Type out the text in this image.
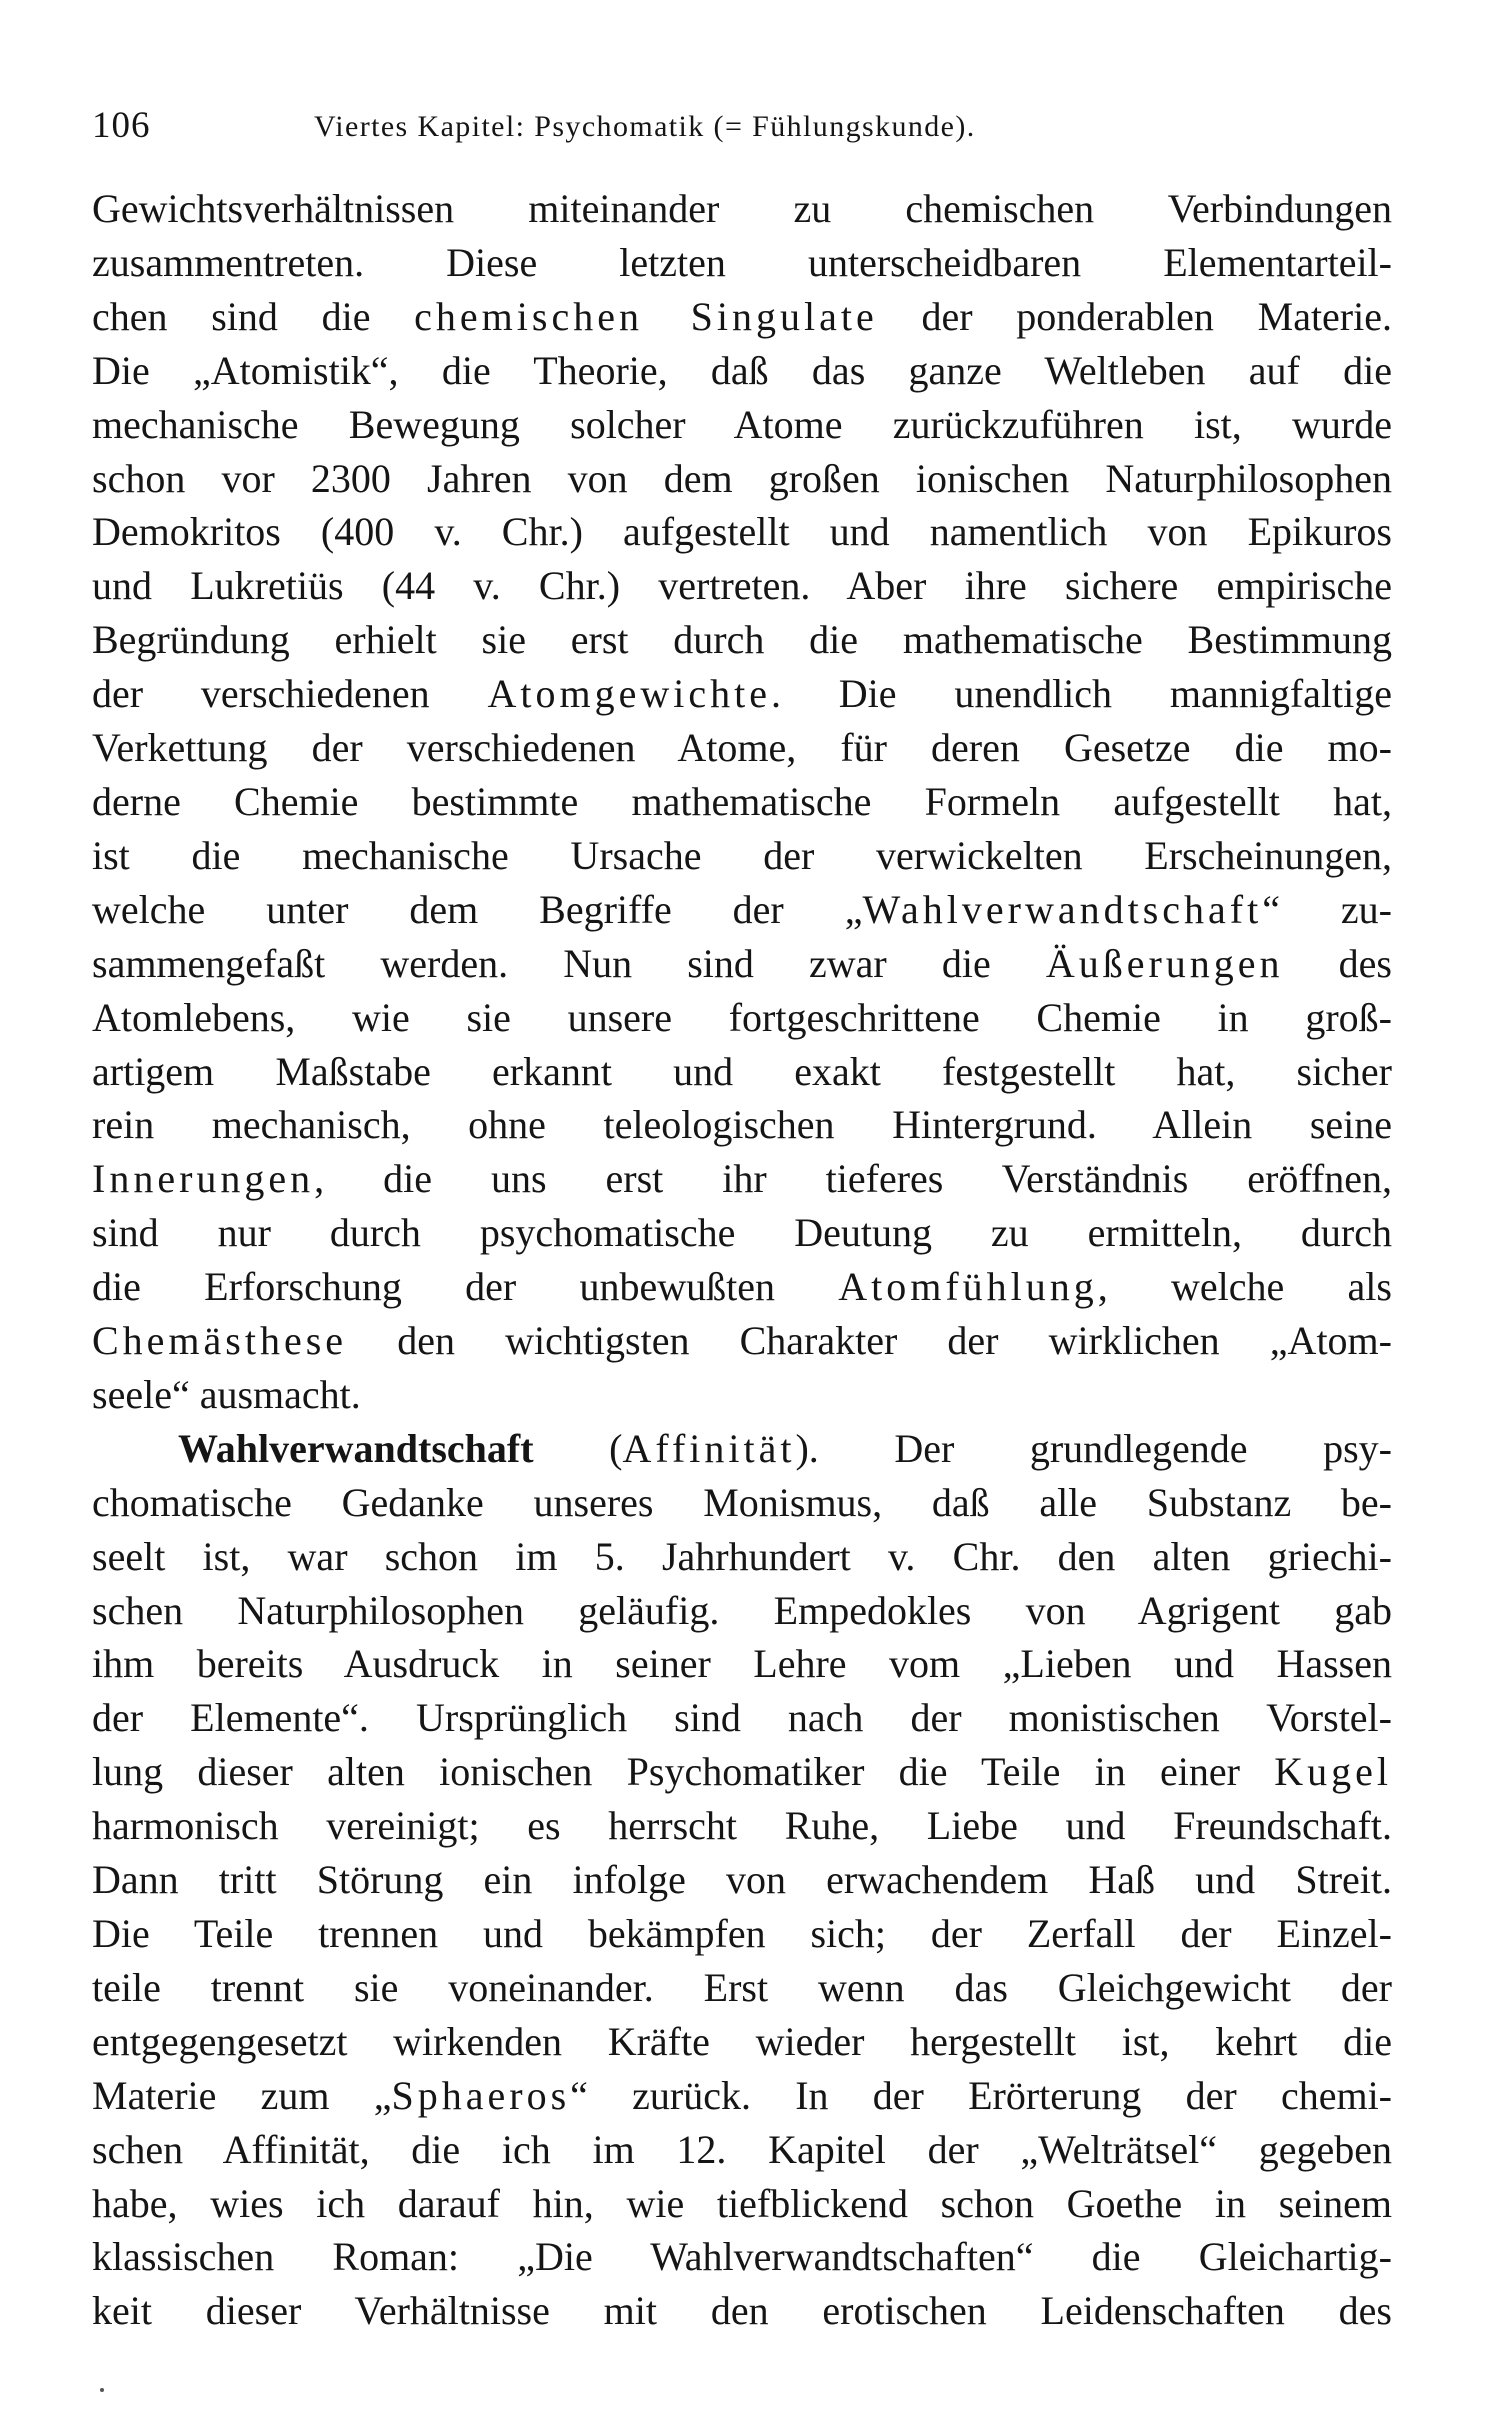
106	Viertes Kapitel: Psychomatik (= Fühlungskunde).
Gewichtsverhältnissen miteinander zu chemischen Verbindungen
zusammentreten. Diese letzten unterscheidbaren Elementarteil-
chen sind die chemischen Singulate der ponderablen Materie.
Die „Atomistik“, die Theorie, daß das ganze Weltleben auf die
mechanische Bewegung solcher Atome zurückzuführen ist, wurde
schon vor 2300 Jahren von dem großen ionischen Naturphilosophen
Demokritos (400 v. Chr.) aufgestellt und namentlich von Epikuros
und Lukretiüs (44 v. Chr.) vertreten. Aber ihre sichere empirische
Begründung erhielt sie erst durch die mathematische Bestimmung
der verschiedenen Atomgewichte. Die unendlich mannigfaltige
Verkettung der verschiedenen Atome, für deren Gesetze die mo-
derne Chemie bestimmte mathematische Formeln aufgestellt hat,
ist die mechanische Ursache der verwickelten Erscheinungen,
welche unter dem Begriffe der „Wahlverwandtschaft“ zu-
sammengefaßt werden. Nun sind zwar die Äußerungen des
Atomlebens, wie sie unsere fortgeschrittene Chemie in groß-
artigem Maßstabe erkannt und exakt festgestellt hat, sicher
rein mechanisch, ohne teleologischen Hintergrund. Allein seine
Innerungen, die uns erst ihr tieferes Verständnis eröffnen,
sind nur durch psychomatische Deutung zu ermitteln, durch
die Erforschung der unbewußten Atomfühlung, welche als
Chemästhese den wichtigsten Charakter der wirklichen „Atom-
seele“ ausmacht.
Wahlverwandtschaft (Affinität). Der grundlegende psy-
chomatische Gedanke unseres Monismus, daß alle Substanz be-
seelt ist, war schon im 5. Jahrhundert v. Chr. den alten griechi-
schen Naturphilosophen geläufig. Empedokles von Agrigent gab
ihm bereits Ausdruck in seiner Lehre vom „Lieben und Hassen
der Elemente“. Ursprünglich sind nach der monistischen Vorstel-
lung dieser alten ionischen Psychomatiker die Teile in einer Kugel
harmonisch vereinigt; es herrscht Ruhe, Liebe und Freundschaft.
Dann tritt Störung ein infolge von erwachendem Haß und Streit.
Die Teile trennen und bekämpfen sich; der Zerfall der Einzel-
teile trennt sie voneinander. Erst wenn das Gleichgewicht der
entgegengesetzt wirkenden Kräfte wieder hergestellt ist, kehrt die
Materie zum „Sphaeros“ zurück. In der Erörterung der chemi-
schen Affinität, die ich im 12. Kapitel der „Welträtsel“ gegeben
habe, wies ich darauf hin, wie tiefblickend schon Goethe in seinem
klassischen Roman: „Die Wahlverwandtschaften“ die Gleichartig-
keit dieser Verhältnisse mit den erotischen Leidenschaften des
